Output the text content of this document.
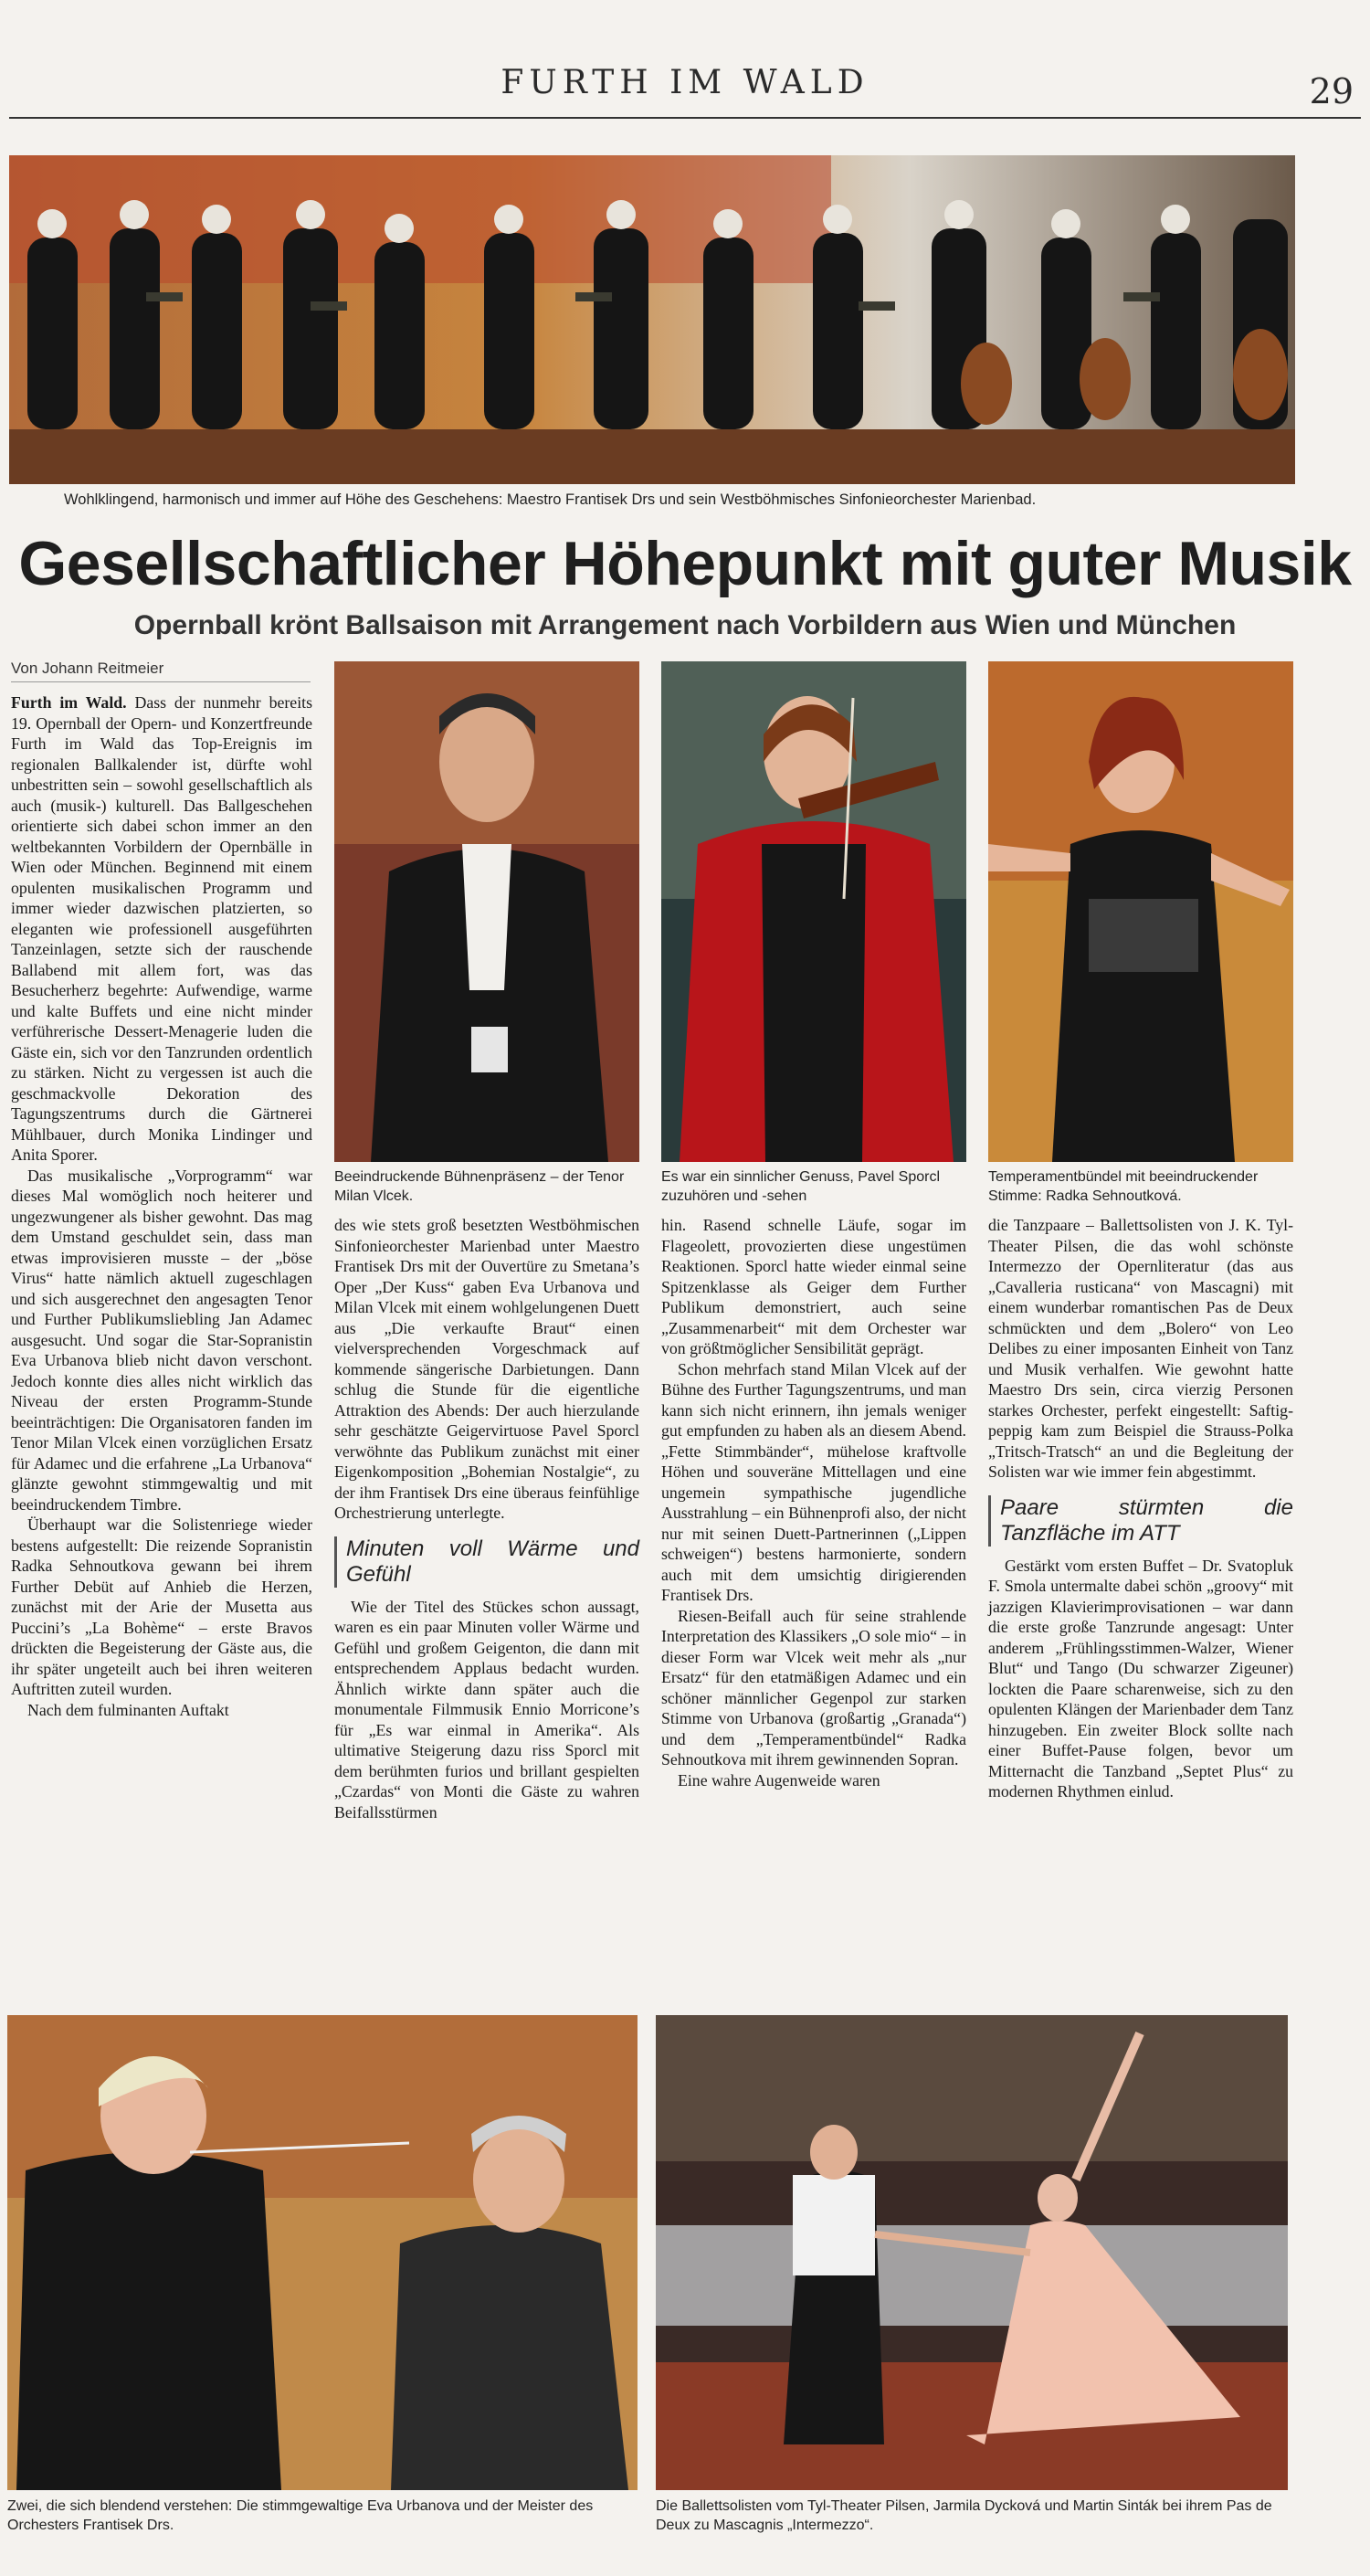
FURTH IM WALD	29
Wohlklingend, harmonisch und immer auf Höhe des Geschehens: Maestro Frantisek Drs und sein Westböhmisches Sinfonieorchester Marienbad.
Gesellschaftlicher Höhepunkt mit guter Musik
Opernball krönt Ballsaison mit Arrangement nach Vorbildern aus Wien und München
Von Johann Reitmeier
Beeindruckende Bühnenpräsenz – der Tenor Milan Vlcek.
Es war ein sinnlicher Genuss, Pavel Sporcl zuzuhören und -sehen
Temperamentbündel mit beeindruckender Stimme: Radka Sehnoutková.

Furth im Wald. Dass der nunmehr bereits 19. Opernball der Opern- und Konzertfreunde Furth im Wald das Top-Ereignis im regionalen Ballkalender ist, dürfte wohl unbestritten sein – sowohl gesellschaftlich als auch (musik-) kulturell. Das Ballgeschehen orientierte sich dabei schon immer an den weltbekannten Vorbildern der Opernbälle in Wien oder München. Beginnend mit einem opulenten musikalischen Programm und immer wieder dazwischen platzierten, so eleganten wie professionell ausgeführten Tanzeinlagen, setzte sich der rauschende Ballabend mit allem fort, was das Besucherherz begehrte: Aufwendige, warme und kalte Buffets und eine nicht minder verführerische Dessert-Menagerie luden die Gäste ein, sich vor den Tanzrunden ordentlich zu stärken. Nicht zu vergessen ist auch die geschmackvolle Dekoration des Tagungszentrums durch die Gärtnerei Mühlbauer, durch Monika Lindinger und Anita Sporer.

Das musikalische „Vorprogramm“ war dieses Mal womöglich noch heiterer und ungezwungener als bisher gewohnt. Das mag dem Umstand geschuldet sein, dass man etwas improvisieren musste – der „böse Virus“ hatte nämlich aktuell zugeschlagen und sich ausgerechnet den angesagten Tenor und Further Publikumsliebling Jan Adamec ausgesucht. Und sogar die Star-Sopranistin Eva Urbanova blieb nicht davon verschont. Jedoch konnte dies alles nicht wirklich das Niveau der ersten Programm-Stunde beeinträchtigen: Die Organisatoren fanden im Tenor Milan Vlcek einen vorzüglichen Ersatz für Adamec und die erfahrene „La Urbanova“ glänzte gewohnt stimmgewaltig und mit beeindruckendem Timbre.

Überhaupt war die Solistenriege wieder bestens aufgestellt: Die reizende Sopranistin Radka Sehnoutkova gewann bei ihrem Further Debüt auf Anhieb die Herzen, zunächst mit der Arie der Musetta aus Puccini’s „La Bohème“ – erste Bravos drückten die Begeisterung der Gäste aus, die ihr später ungeteilt auch bei ihren weiteren Auftritten zuteil wurden.

Nach dem fulminanten Auftakt

des wie stets groß besetzten Westböhmischen Sinfonieorchester Marienbad unter Maestro Frantisek Drs mit der Ouvertüre zu Smetana’s Oper „Der Kuss“ gaben Eva Urbanova und Milan Vlcek mit einem wohlgelungenen Duett aus „Die verkaufte Braut“ einen vielversprechenden Vorgeschmack auf kommende sängerische Darbietungen. Dann schlug die Stunde für die eigentliche Attraktion des Abends: Der auch hierzulande sehr geschätzte Geigervirtuose Pavel Sporcl verwöhnte das Publikum zunächst mit einer Eigenkomposition „Bohemian Nostalgie“, zu der ihm Frantisek Drs eine überaus feinfühlige Orchestrierung unterlegte.

Minuten voll Wärme und Gefühl

Wie der Titel des Stückes schon aussagt, waren es ein paar Minuten voller Wärme und Gefühl und großem Geigenton, die dann mit entsprechendem Applaus bedacht wurden. Ähnlich wirkte dann später auch die monumentale Filmmusik Ennio Morricone’s für „Es war einmal in Amerika“. Als ultimative Steigerung dazu riss Sporcl mit dem berühmten furios und brillant gespielten „Czardas“ von Monti die Gäste zu wahren Beifallsstürmen

hin. Rasend schnelle Läufe, sogar im Flageolett, provozierten diese ungestümen Reaktionen. Sporcl hatte wieder einmal seine Spitzenklasse als Geiger dem Further Publikum demonstriert, auch seine „Zusammenarbeit“ mit dem Orchester war von größtmöglicher Sensibilität geprägt.

Schon mehrfach stand Milan Vlcek auf der Bühne des Further Tagungszentrums, und man kann sich nicht erinnern, ihn jemals weniger gut empfunden zu haben als an diesem Abend. „Fette Stimmbänder“, mühelose kraftvolle Höhen und souveräne Mittellagen und eine ungemein sympathische jugendliche Ausstrahlung – ein Bühnenprofi also, der nicht nur mit seinen Duett-Partnerinnen („Lippen schweigen“) bestens harmonierte, sondern auch mit dem umsichtig dirigierenden Frantisek Drs.

Riesen-Beifall auch für seine strahlende Interpretation des Klassikers „O sole mio“ – in dieser Form war Vlcek weit mehr als „nur Ersatz“ für den etatmäßigen Adamec und ein schöner männlicher Gegenpol zur starken Stimme von Urbanova (großartig „Granada“) und dem „Temperamentbündel“ Radka Sehnoutkova mit ihrem gewinnenden Sopran.

Eine wahre Augenweide waren

die Tanzpaare – Ballettsolisten von J. K. Tyl-Theater Pilsen, die das wohl schönste Intermezzo der Opernliteratur (das aus „Cavalleria rusticana“ von Mascagni) mit einem wunderbar romantischen Pas de Deux schmückten und dem „Bolero“ von Leo Delibes zu einer imposanten Einheit von Tanz und Musik verhalfen. Wie gewohnt hatte Maestro Drs sein, circa vierzig Personen starkes Orchester, perfekt eingestellt: Saftig-peppig kam zum Beispiel die Strauss-Polka „Tritsch-Tratsch“ an und die Begleitung der Solisten war wie immer fein abgestimmt.

Paare stürmten die Tanzfläche im ATT

Gestärkt vom ersten Buffet – Dr. Svatopluk F. Smola untermalte dabei schön „groovy“ mit jazzigen Klavierimprovisationen – war dann die erste große Tanzrunde angesagt: Unter anderem „Frühlingsstimmen-Walzer, Wiener Blut“ und Tango (Du schwarzer Zigeuner) lockten die Paare scharenweise, sich zu den opulenten Klängen der Marienbader dem Tanz hinzugeben. Ein zweiter Block sollte nach einer Buffet-Pause folgen, bevor um Mitternacht die Tanzband „Septet Plus“ zu modernen Rhythmen einlud.

Zwei, die sich blendend verstehen: Die stimmgewaltige Eva Urbanova und der Meister des Orchesters Frantisek Drs.
Die Ballettsolisten vom Tyl-Theater Pilsen, Jarmila Dycková und Martin Sinták bei ihrem Pas de Deux zu Mascagnis „Intermezzo“.
